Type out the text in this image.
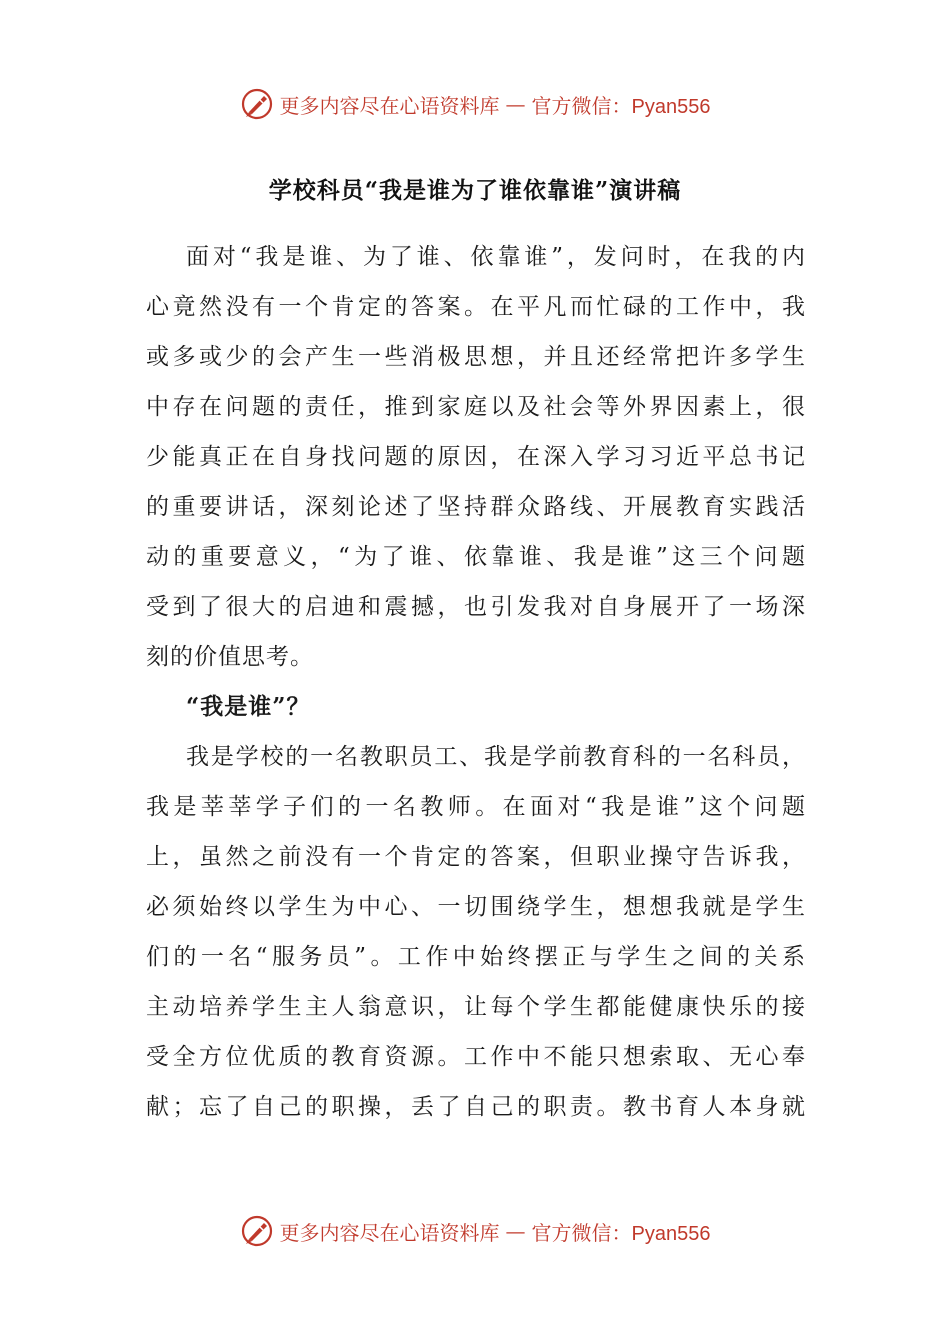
更多内容尽在心语资料库 — 官方微信：Pyan556
学校科员“我是谁为了谁依靠谁”演讲稿
面对“我是谁、为了谁、依靠谁”，发问时，在我的内
心竟然没有一个肯定的答案。在平凡而忙碌的工作中，我
或多或少的会产生一些消极思想，并且还经常把许多学生
中存在问题的责任，推到家庭以及社会等外界因素上，很
少能真正在自身找问题的原因，在深入学习习近平总书记
的重要讲话，深刻论述了坚持群众路线、开展教育实践活
动的重要意义，“为了谁、依靠谁、我是谁”这三个问题
受到了很大的启迪和震撼，也引发我对自身展开了一场深
刻的价值思考。
“我是谁”？
我是学校的一名教职员工、我是学前教育科的一名科员，
我是莘莘学子们的一名教师。在面对“我是谁”这个问题
上，虽然之前没有一个肯定的答案，但职业操守告诉我，
必须始终以学生为中心、一切围绕学生，想想我就是学生
们的一名“服务员”。工作中始终摆正与学生之间的关系
主动培养学生主人翁意识，让每个学生都能健康快乐的接
受全方位优质的教育资源。工作中不能只想索取、无心奉
献；忘了自己的职操，丢了自己的职责。教书育人本身就
更多内容尽在心语资料库 — 官方微信：Pyan556
